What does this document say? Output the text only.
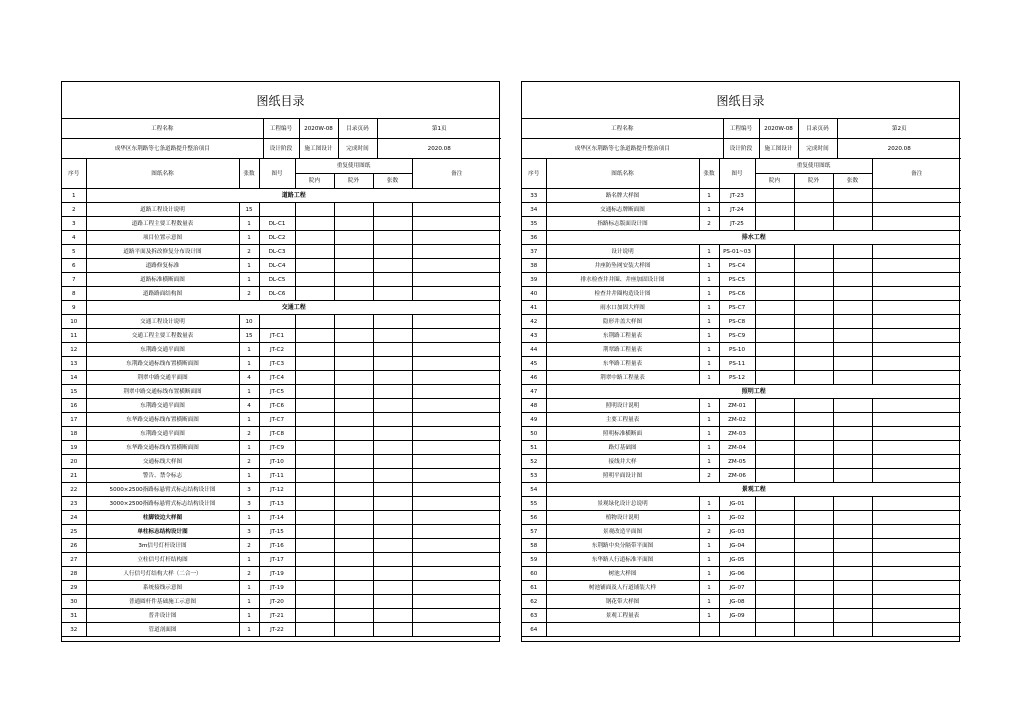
图纸目录
工程名称	工程编号	2020W-08	目录页码	第1页
成华区东荆路等七条道路提升整治项目	设计阶段	施工图设计	完成时间	2020.08
序号	图纸名称	张数	图号	重复使用图纸			备注
				院内	院外	张数	
1	道路工程						
2	道路工程设计说明	15					
3	道路工程主要工程数量表	1	DL-C1				
4	项目位置示意图	1	DL-C2				
5	道路平面及拆改修复分布设计图	2	DL-C3				
6	道路修复标准	1	DL-C4				
7	道路标准横断面图	1	DL-C5				
8	道路路面结构图	2	DL-C6				
9	交通工程						
10	交通工程设计说明	10					
11	交通工程主要工程数量表	15	JT-C1				
12	东荆路交通平面图	1	JT-C2				
13	东荆路交通标线布置横断面图	1	JT-C3				
14	荆翠中路交通平面图	4	JT-C4				
15	荆翠中路交通标线布置横断面图	1	JT-C5				
16	东荆路交通平面图	4	JT-C6				
17	东华路交通标线布置横断面图	1	JT-C7				
18	东荆路交通平面图	2	JT-C8				
19	东华路交通标线布置横断面图	1	JT-C9				
20	交通标线大样图	2	JT-10				
21	警告、禁令标志	1	JT-11				
22	5000×2500指路标悬臂式标志结构设计图	3	JT-12				
23	3000×2500指路标悬臂式标志结构设计图	3	JT-13				
24	柱脚铰边大样图	1	JT-14				
25	单柱标志结构设计图	3	JT-15				
26	3m信号灯杆设计图	2	JT-16				
27	立柱信号灯杆结构图	1	JT-17				
28	人行信号灯结构大样（二合一）	2	JT-19				
29	系统接线示意图	1	JT-19				
30	普通圆杆件基础施工示意图	1	JT-20				
31	普井设计图	1	JT-21				
32	管道剖面图	1	JT-22				
图纸目录
工程名称	工程编号	2020W-08	目录页码	第2页
成华区东荆路等七条道路提升整治项目	设计阶段	施工图设计	完成时间	2020.08
序号	图纸名称	张数	图号	重复使用图纸			备注
				院内	院外	张数	
33	路名牌大样图	1	JT-23				
34	交通标志牌断面图	1	JT-24				
35	指路标志版面设计图	2	JT-25				
36	排水工程						
37	设计说明	1	PS-01~03				
38	井座防坠网安装大样图	1	PS-C4				
39	排水检查井井圈、井座加固设计图	1	PS-C5				
40	检查井井圈构造设计图	1	PS-C6				
41	雨水口加固大样图	1	PS-C7				
42	隐形井盖大样图	1	PS-C8				
43	东荆路工程量表	1	PS-C9				
44	荆翠路工程量表	1	PS-10				
45	东华路工程量表	1	PS-11				
46	荆翠中路工程量表	1	PS-12				
47	照明工程						
48	照明设计说明	1	ZM-01				
49	主要工程量表	1	ZM-02				
50	照明标准横断面	1	ZM-03				
51	路灯基础图	1	ZM-04				
52	接线井大样	1	ZM-05				
53	照明平面设计图	2	ZM-06				
54	景观工程						
55	景观绿化设计总说明	1	JG-01				
56	植物设计说明	1	JG-02				
57	景观改造平面图	2	JG-03				
58	东荆路中央分隔带平面图	1	JG-04				
59	东华路人行道标准平面图	1	JG-05				
60	树池大样图	1	JG-06				
61	树池铺面及人行道铺装大样	1	JG-07				
62	钢花带大样图	1	JG-08				
63	景观工程量表	1	JG-09				
64							
